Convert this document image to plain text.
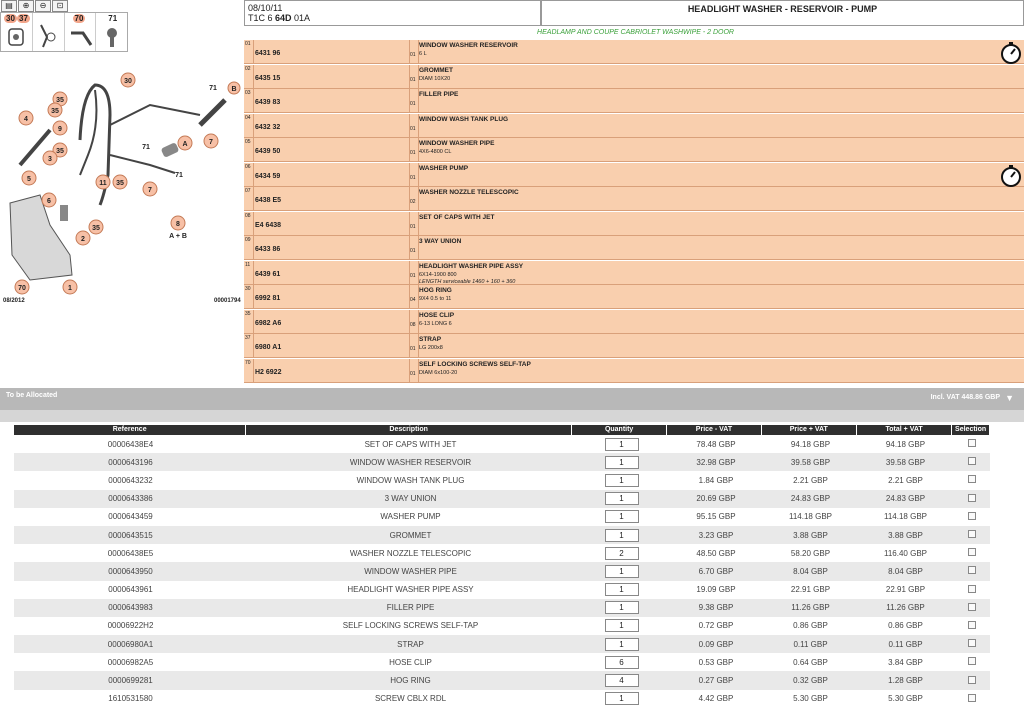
▤	⊕	⊖	⊡
30 37	70	71
30
71 B
4
35
9
35
35
A	7
71
71
3
11 35
7
5
6
8
A + B
35
2
70	1
08/2012	00001794
08/10/11
T1C 6 64D 01A
HEADLIGHT WASHER - RESERVOIR - PUMP
HEADLAMP AND COUPE CABRIOLET WASHWIPE - 2 DOOR
01
6431 96	01
WINDOW WASHER RESERVOIR
6 L
02
6435 15	01
GROMMET
DIAM 10X20
03
6439 83	01
FILLER PIPE
04
6432 32	01
WINDOW WASH TANK PLUG
05
6439 50	01
WINDOW WASHER PIPE
4X6-4800 CL
06
6434 59	01
WASHER PUMP
07
6438 E5	02
WASHER NOZZLE TELESCOPIC
08
E4 6438	01
SET OF CAPS WITH JET
09
6433 86	01
3 WAY UNION
11
6439 61	01
HEADLIGHT WASHER PIPE ASSY
6X14-1900 800
LENGTH serviceable 1460 + 160 + 360
30
6992 81	04
HOG RING
9X4 0.5 to 11
35
6982 A6	08
HOSE CLIP
6-13 LONG 6
37
6980 A1	01
STRAP
LG 200x8
70
H2 6922	01
SELF LOCKING SCREWS SELF-TAP
DIAM 6x100-20
To be Allocated	Incl. VAT 448.86 GBP ▼
Reference	Description	Quantity	Price - VAT	Price + VAT	Total + VAT	Selection
00006438E4	SET OF CAPS WITH JET	1	78.48 GBP	94.18 GBP	94.18 GBP
0000643196	WINDOW WASHER RESERVOIR	1	32.98 GBP	39.58 GBP	39.58 GBP
0000643232	WINDOW WASH TANK PLUG	1	1.84 GBP	2.21 GBP	2.21 GBP
0000643386	3 WAY UNION	1	20.69 GBP	24.83 GBP	24.83 GBP
0000643459	WASHER PUMP	1	95.15 GBP	114.18 GBP	114.18 GBP
0000643515	GROMMET	1	3.23 GBP	3.88 GBP	3.88 GBP
00006438E5	WASHER NOZZLE TELESCOPIC	2	48.50 GBP	58.20 GBP	116.40 GBP
0000643950	WINDOW WASHER PIPE	1	6.70 GBP	8.04 GBP	8.04 GBP
0000643961	HEADLIGHT WASHER PIPE ASSY	1	19.09 GBP	22.91 GBP	22.91 GBP
0000643983	FILLER PIPE	1	9.38 GBP	11.26 GBP	11.26 GBP
00006922H2	SELF LOCKING SCREWS SELF-TAP	1	0.72 GBP	0.86 GBP	0.86 GBP
00006980A1	STRAP	1	0.09 GBP	0.11 GBP	0.11 GBP
00006982A5	HOSE CLIP	6	0.53 GBP	0.64 GBP	3.84 GBP
0000699281	HOG RING	4	0.27 GBP	0.32 GBP	1.28 GBP
1610531580	SCREW CBLX RDL	1	4.42 GBP	5.30 GBP	5.30 GBP
